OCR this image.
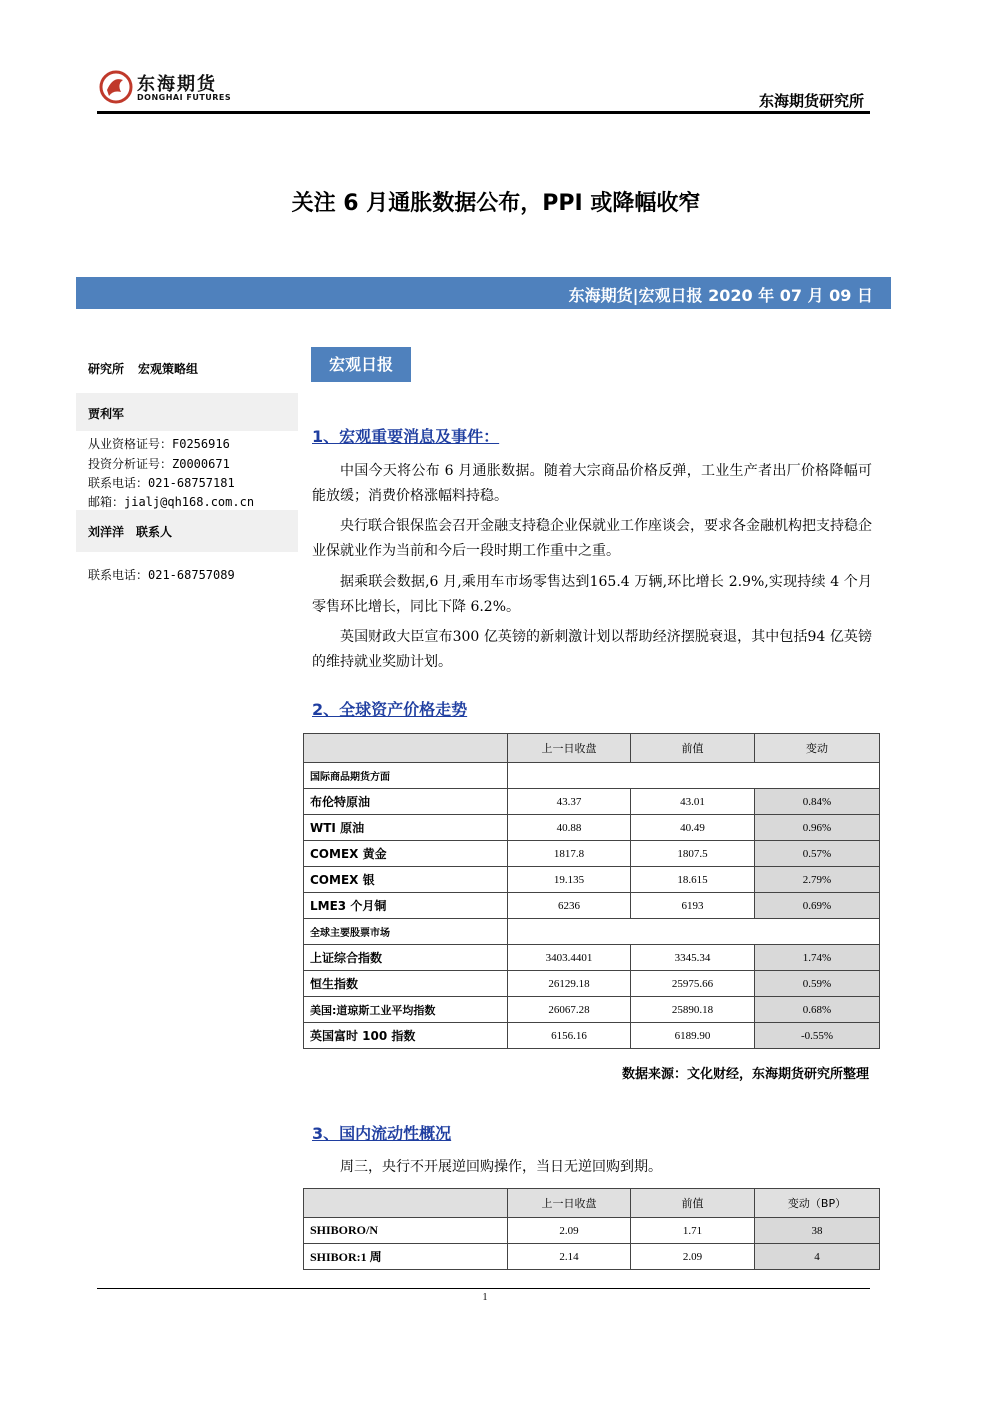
东海期货
DONGHAI FUTURES	东海期货研究所
关注 6 月通胀数据公布，PPI 或降幅收窄
东海期货|宏观日报 2020 年 07 月 09 日
研究所 宏观策略组
贾利军
从业资格证号：F0256916
投资分析证号：Z0000671
联系电话：021-68757181
邮箱：jialj@qh168.com.cn
刘洋洋　联系人
联系电话：021-68757089
宏观日报
1、宏观重要消息及事件：
中国今天将公布 6 月通胀数据。随着大宗商品价格反弹，工业生产者出厂价格降幅可能放缓；消费价格涨幅料持稳。
央行联合银保监会召开金融支持稳企业保就业工作座谈会，要求各金融机构把支持稳企业保就业作为当前和今后一段时期工作重中之重。
据乘联会数据,6 月,乘用车市场零售达到165.4 万辆,环比增长 2.9%,实现持续 4 个月零售环比增长，同比下降 6.2%。
英国财政大臣宣布300 亿英镑的新刺激计划以帮助经济摆脱衰退，其中包括94 亿英镑的维持就业奖励计划。
2、全球资产价格走势
	上一日收盘	前值	变动
国际商品期货方面			
布伦特原油	43.37	43.01	0.84%
WTI 原油	40.88	40.49	0.96%
COMEX 黄金	1817.8	1807.5	0.57%
COMEX 银	19.135	18.615	2.79%
LME3 个月铜	6236	6193	0.69%
全球主要股票市场			
上证综合指数	3403.4401	3345.34	1.74%
恒生指数	26129.18	25975.66	0.59%
美国:道琼斯工业平均指数	26067.28	25890.18	0.68%
英国富时 100 指数	6156.16	6189.90	-0.55%
数据来源：文化财经，东海期货研究所整理
3、国内流动性概况
周三，央行不开展逆回购操作，当日无逆回购到期。
	上一日收盘	前值	变动（BP）
SHIBORO/N	2.09	1.71	38
SHIBOR:1 周	2.14	2.09	4
1
